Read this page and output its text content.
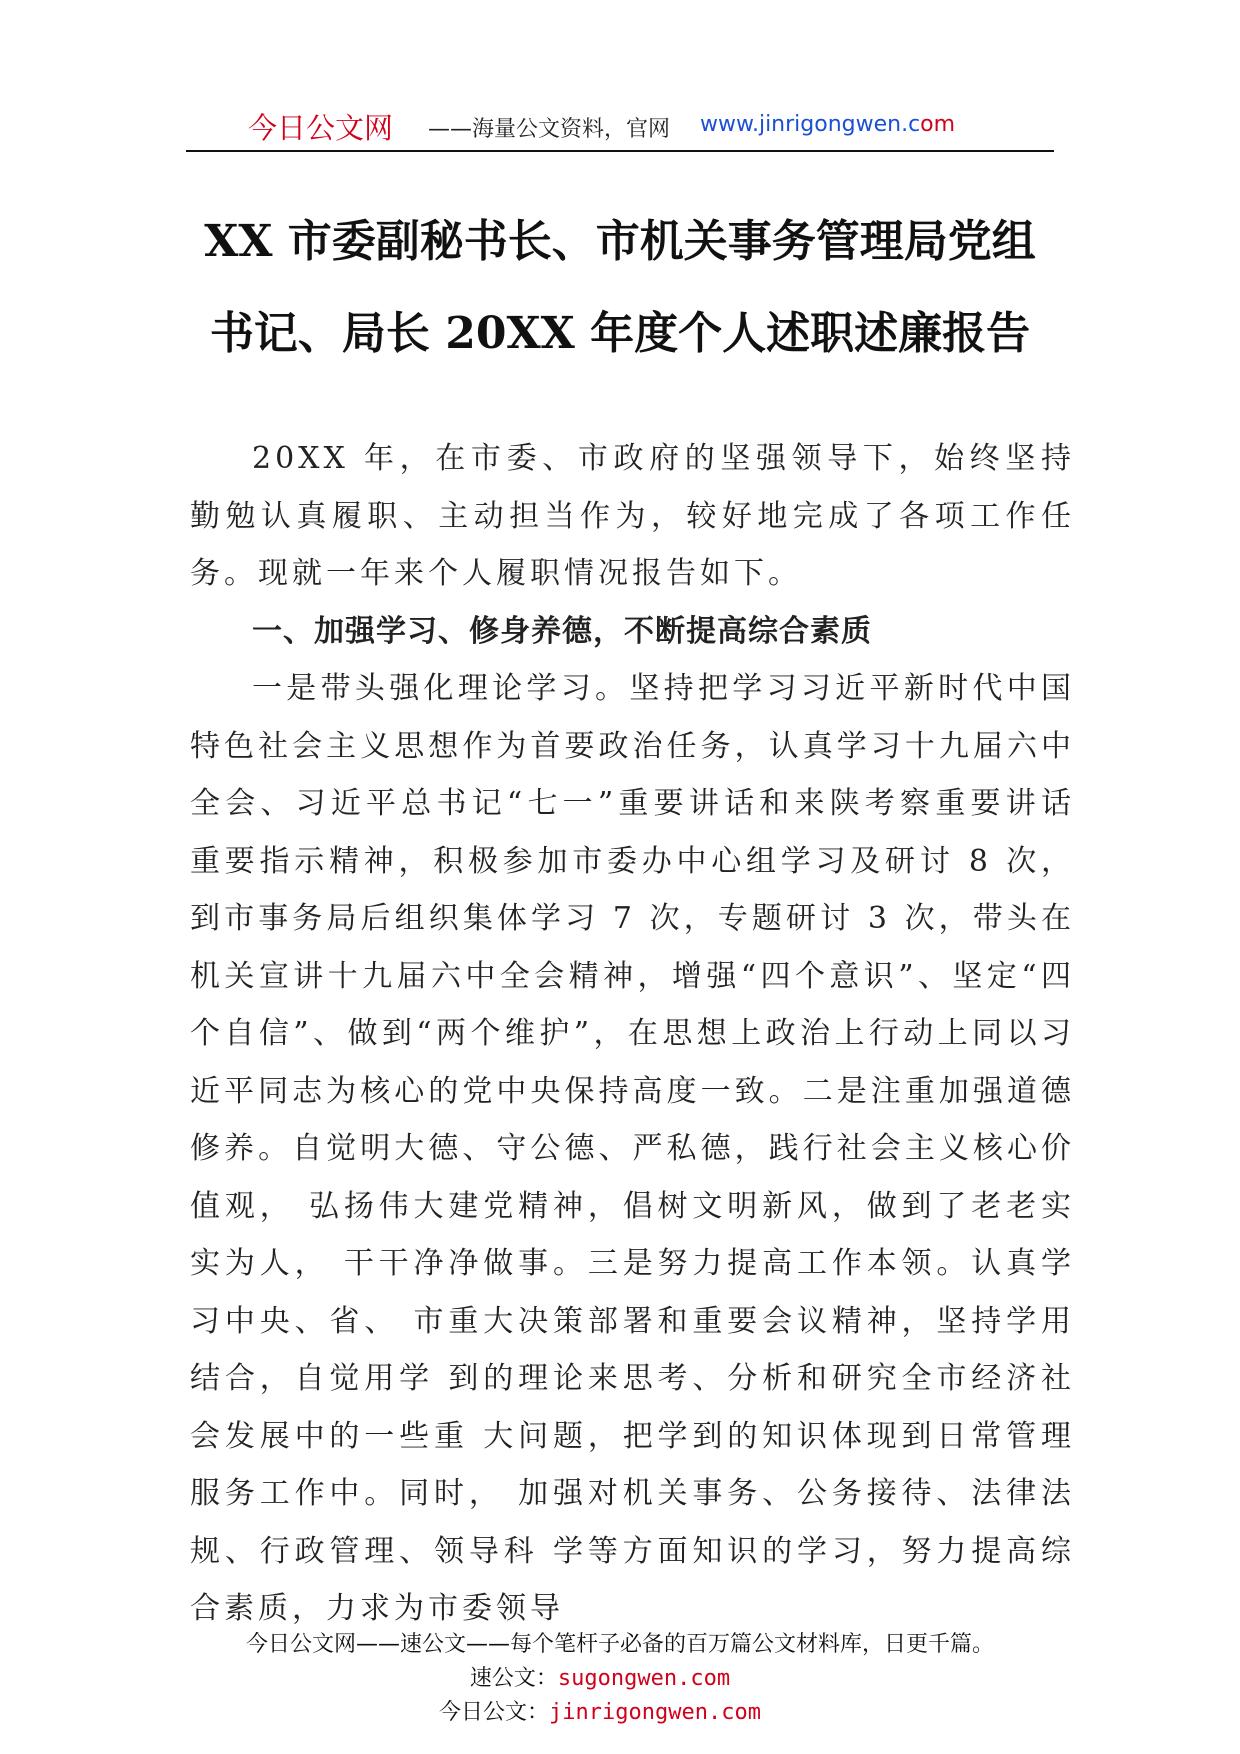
今日公文网 ——海量公文资料，官网 www.jinrigongwen.com
XX 市委副秘书长、市机关事务管理局党组
书记、局长 20XX 年度个人述职述廉报告

20XX 年，在市委、市政府的坚强领导下，始终坚持勤勉认真履职、主动担当作为，较好地完成了各项工作任务。现就一年来个人履职情况报告如下。

一、加强学习、修身养德，不断提高综合素质

一是带头强化理论学习。坚持把学习习近平新时代中国特色社会主义思想作为首要政治任务，认真学习十九届六中全会、习近平总书记“七一”重要讲话和来陕考察重要讲话重要指示精神，积极参加市委办中心组学习及研讨 8 次，到市事务局后组织集体学习 7 次，专题研讨 3 次，带头在机关宣讲十九届六中全会精神，增强“四个意识”、坚定“四个自信”、做到“两个维护”，在思想上政治上行动上同以习近平同志为核心的党中央保持高度一致。二是注重加强道德修养。自觉明大德、守公德、严私德，践行社会主义核心价值观， 弘扬伟大建党精神，倡树文明新风，做到了老老实实为人， 干干净净做事。三是努力提高工作本领。认真学习中央、省、 市重大决策部署和重要会议精神，坚持学用结合，自觉用学 到的理论来思考、分析和研究全市经济社会发展中的一些重 大问题，把学到的知识体现到日常管理服务工作中。同时， 加强对机关事务、公务接待、法律法规、行政管理、领导科 学等方面知识的学习，努力提高综合素质，力求为市委领导

今日公文网——速公文——每个笔杆子必备的百万篇公文材料库，日更千篇。
速公文：sugongwen.com
今日公文：jinrigongwen.com
